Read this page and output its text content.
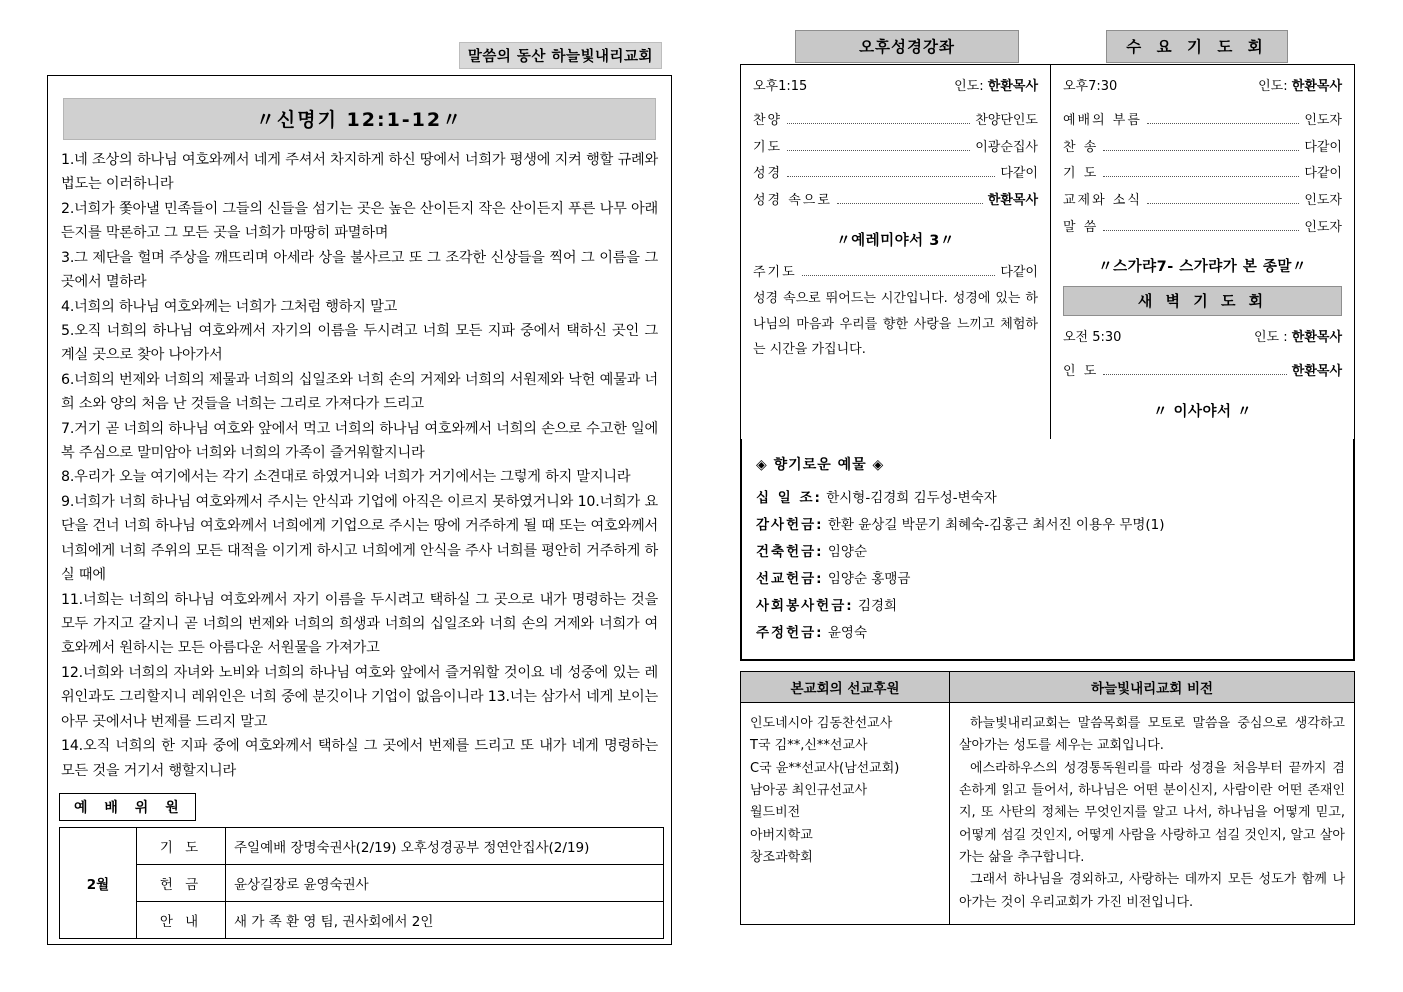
말씀의 동산 하늘빛내리교회
〃신명기 12:1-12〃

1.네 조상의 하나님 여호와께서 네게 주셔서 차지하게 하신 땅에서 너희가 평생에 지켜 행할 규례와 법도는 이러하니라

2.너희가 쫓아낼 민족들이 그들의 신들을 섬기는 곳은 높은 산이든지 작은 산이든지 푸른 나무 아래든지를 막론하고 그 모든 곳을 너희가 마땅히 파멸하며

3.그 제단을 헐며 주상을 깨뜨리며 아세라 상을 불사르고 또 그 조각한 신상들을 찍어 그 이름을 그 곳에서 멸하라

4.너희의 하나님 여호와께는 너희가 그처럼 행하지 말고

5.오직 너희의 하나님 여호와께서 자기의 이름을 두시려고 너희 모든 지파 중에서 택하신 곳인 그 계실 곳으로 찾아 나아가서

6.너희의 번제와 너희의 제물과 너희의 십일조와 너희 손의 거제와 너희의 서원제와 낙헌 예물과 너희 소와 양의 처음 난 것들을 너희는 그리로 가져다가 드리고

7.거기 곧 너희의 하나님 여호와 앞에서 먹고 너희의 하나님 여호와께서 너희의 손으로 수고한 일에 복 주심으로 말미암아 너희와 너희의 가족이 즐거워할지니라

8.우리가 오늘 여기에서는 각기 소견대로 하였거니와 너희가 거기에서는 그렇게 하지 말지니라

9.너희가 너희 하나님 여호와께서 주시는 안식과 기업에 아직은 이르지 못하였거니와 10.너희가 요단을 건너 너희 하나님 여호와께서 너희에게 기업으로 주시는 땅에 거주하게 될 때 또는 여호와께서 너희에게 너희 주위의 모든 대적을 이기게 하시고 너희에게 안식을 주사 너희를 평안히 거주하게 하실 때에

11.너희는 너희의 하나님 여호와께서 자기 이름을 두시려고 택하실 그 곳으로 내가 명령하는 것을 모두 가지고 갈지니 곧 너희의 번제와 너희의 희생과 너희의 십일조와 너희 손의 거제와 너희가 여호와께서 원하시는 모든 아름다운 서원물을 가져가고

12.너희와 너희의 자녀와 노비와 너희의 하나님 여호와 앞에서 즐거워할 것이요 네 성중에 있는 레위인과도 그리할지니 레위인은 너희 중에 분깃이나 기업이 없음이니라 13.너는 삼가서 네게 보이는 아무 곳에서나 번제를 드리지 말고

14.오직 너희의 한 지파 중에 여호와께서 택하실 그 곳에서 번제를 드리고 또 내가 네게 명령하는 모든 것을 거기서 행할지니라

예 배 위 원
2월	기 도	주일예배 장명숙권사(2/19) 오후성경공부 정연안집사(2/19)
	헌 금	윤상길장로 윤영숙권사
	안 내	새 가 족 환 영 팀, 권사회에서 2인
오후성경강좌	수 요 기 도 회
오후1:15	인도: 한환목사
찬양	찬양단인도
기도	이광순집사
성경	다같이
성경 속으로	한환목사
〃예레미야서 3〃
주기도	다같이
성경 속으로 뛰어드는 시간입니다. 성경에 있는 하나님의 마음과 우리를 향한 사랑을 느끼고 체험하는 시간을 가집니다.
오후7:30	인도: 한환목사
예배의 부름	인도자
찬 송	다같이
기 도	다같이
교제와 소식	인도자
말 씀	인도자
〃스가랴7- 스가랴가 본 종말〃
새 벽 기 도 회
오전 5:30	인도 : 한환목사
인 도	한환목사
〃 이사야서 〃
◈ 향기로운 예물 ◈
십 일 조: 한시형-김경희 김두성-변숙자
감사헌금: 한환 윤상길 박문기 최혜숙-김홍근 최서진 이용우 무명(1)
건축헌금: 임양순
선교헌금: 임양순 홍맹금
사회봉사헌금: 김경희
주정헌금: 윤영숙
본교회의 선교후원	하늘빛내리교회 비전

인도네시아 김동찬선교사
T국 김**,신**선교사
C국 윤**선교사(남선교회)
남아공 최인규선교사
월드비전
아버지학교
창조과학회

하늘빛내리교회는 말씀목회를 모토로 말씀을 중심으로 생각하고 살아가는 성도를 세우는 교회입니다.
에스라하우스의 성경통독원리를 따라 성경을 처음부터 끝까지 겸손하게 읽고 들어서, 하나님은 어떤 분이신지, 사람이란 어떤 존재인지, 또 사탄의 정체는 무엇인지를 알고 나서, 하나님을 어떻게 믿고, 어떻게 섬길 것인지, 어떻게 사람을 사랑하고 섬길 것인지, 알고 살아가는 삶을 추구합니다.
그래서 하나님을 경외하고, 사랑하는 데까지 모든 성도가 함께 나아가는 것이 우리교회가 가진 비전입니다.
